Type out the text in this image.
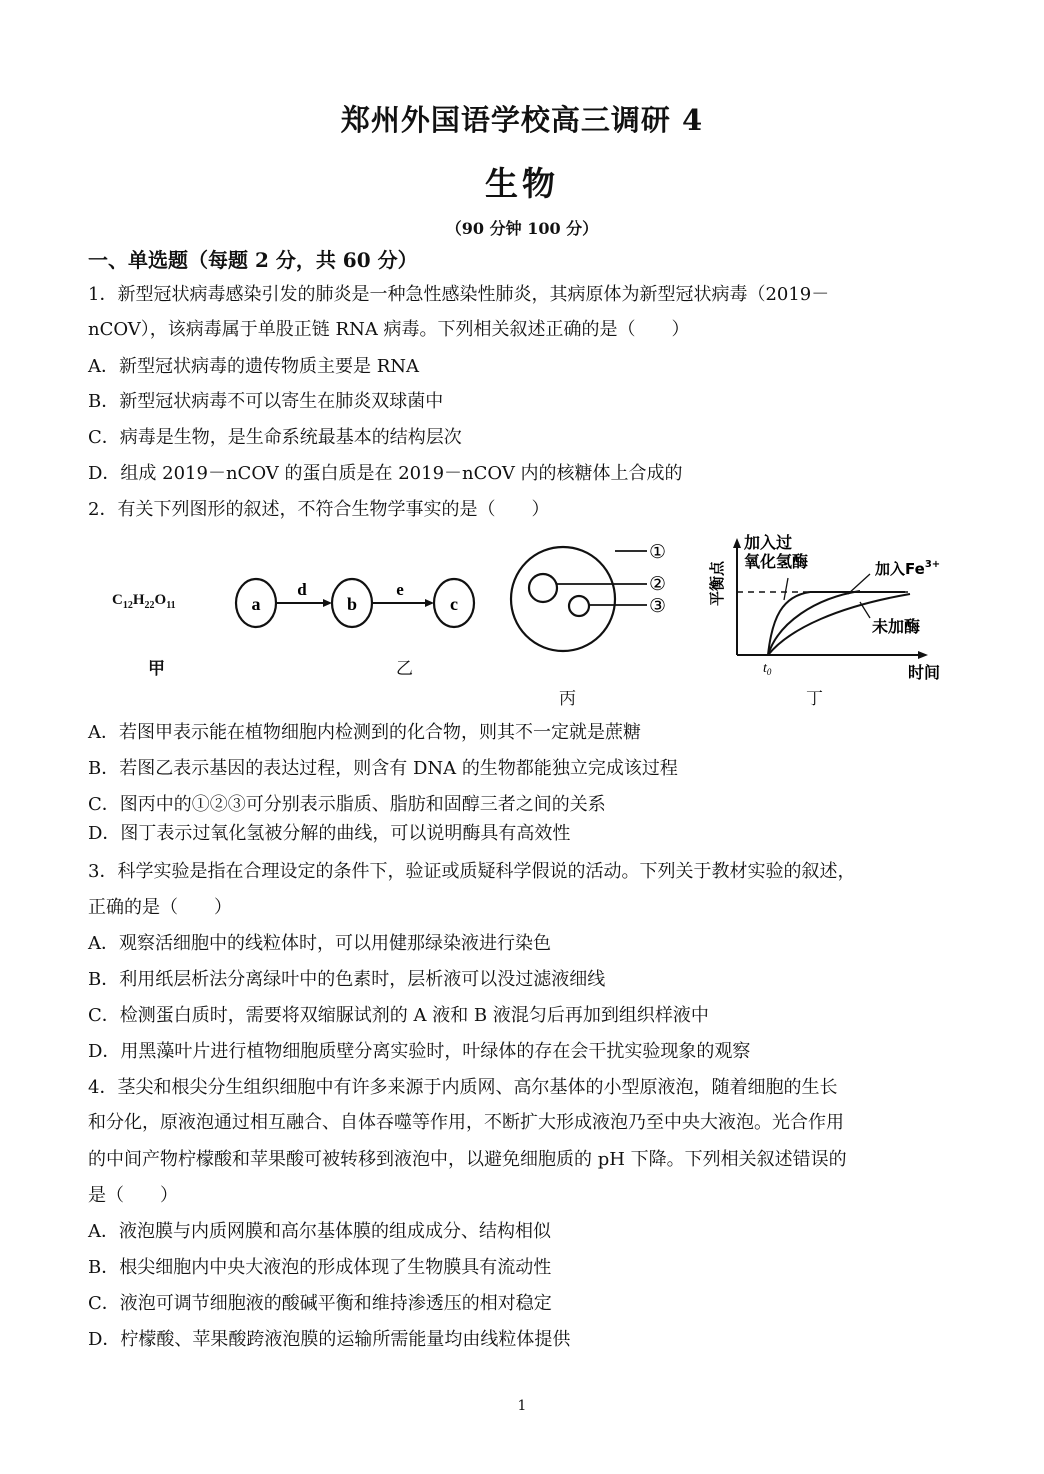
郑州外国语学校高三调研 4
生物
（90 分钟 100 分）
一、单选题（每题 2 分，共 60 分）
1．新型冠状病毒感染引发的肺炎是一种急性感染性肺炎，其病原体为新型冠状病毒（2019－
nCOV），该病毒属于单股正链 RNA 病毒。下列相关叙述正确的是（　　）
A．新型冠状病毒的遗传物质主要是 RNA
B．新型冠状病毒不可以寄生在肺炎双球菌中
C．病毒是生物，是生命系统最基本的结构层次
D．组成 2019－nCOV 的蛋白质是在 2019－nCOV 内的核糖体上合成的
2．有关下列图形的叙述，不符合生物学事实的是（　　）
$C_{12}H_{22}O_{11}$
甲
a	b	c
d	e
乙
①
②
③
丙
加入过
氧化氢酶	加入$Fe^{3+}$
未加酶
$t_0$	时间
平衡点
丁
A．若图甲表示能在植物细胞内检测到的化合物，则其不一定就是蔗糖
B．若图乙表示基因的表达过程，则含有 DNA 的生物都能独立完成该过程
C．图丙中的①②③可分别表示脂质、脂肪和固醇三者之间的关系
D．图丁表示过氧化氢被分解的曲线，可以说明酶具有高效性
3．科学实验是指在合理设定的条件下，验证或质疑科学假说的活动。下列关于教材实验的叙述，
正确的是（　　）
A．观察活细胞中的线粒体时，可以用健那绿染液进行染色
B．利用纸层析法分离绿叶中的色素时，层析液可以没过滤液细线
C．检测蛋白质时，需要将双缩脲试剂的 A 液和 B 液混匀后再加到组织样液中
D．用黑藻叶片进行植物细胞质壁分离实验时，叶绿体的存在会干扰实验现象的观察
4．茎尖和根尖分生组织细胞中有许多来源于内质网、高尔基体的小型原液泡，随着细胞的生长
和分化，原液泡通过相互融合、自体吞噬等作用，不断扩大形成液泡乃至中央大液泡。光合作用
的中间产物柠檬酸和苹果酸可被转移到液泡中，以避免细胞质的 pH 下降。下列相关叙述错误的
是（　　）
A．液泡膜与内质网膜和高尔基体膜的组成成分、结构相似
B．根尖细胞内中央大液泡的形成体现了生物膜具有流动性
C．液泡可调节细胞液的酸碱平衡和维持渗透压的相对稳定
D．柠檬酸、苹果酸跨液泡膜的运输所需能量均由线粒体提供
1
